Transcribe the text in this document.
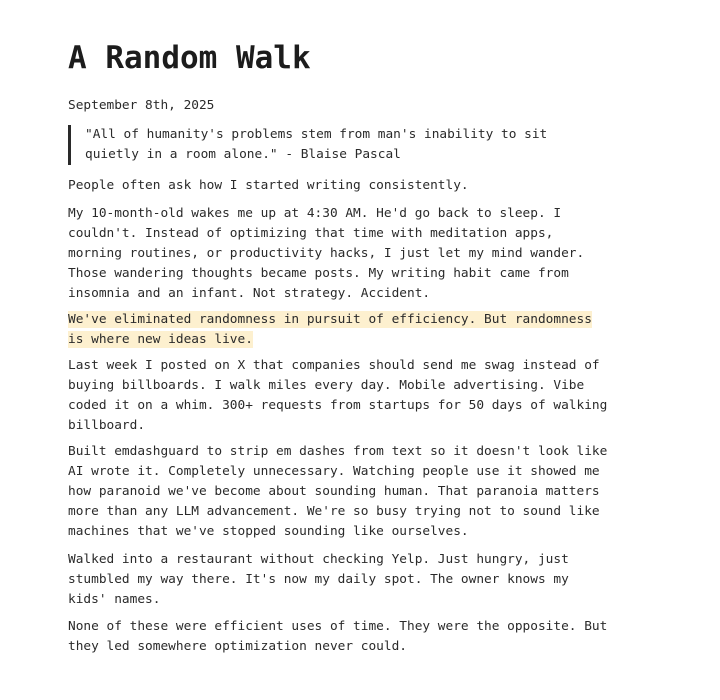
A Random Walk
September 8th, 2025
"All of humanity's problems stem from man's inability to sit
quietly in a room alone." - Blaise Pascal

People often ask how I started writing consistently.

My 10-month-old wakes me up at 4:30 AM. He'd go back to sleep. I
couldn't. Instead of optimizing that time with meditation apps,
morning routines, or productivity hacks, I just let my mind wander.
Those wandering thoughts became posts. My writing habit came from
insomnia and an infant. Not strategy. Accident.

We've eliminated randomness in pursuit of efficiency. But randomness
is where new ideas live.

Last week I posted on X that companies should send me swag instead of
buying billboards. I walk miles every day. Mobile advertising. Vibe
coded it on a whim. 300+ requests from startups for 50 days of walking
billboard.

Built emdashguard to strip em dashes from text so it doesn't look like
AI wrote it. Completely unnecessary. Watching people use it showed me
how paranoid we've become about sounding human. That paranoia matters
more than any LLM advancement. We're so busy trying not to sound like
machines that we've stopped sounding like ourselves.

Walked into a restaurant without checking Yelp. Just hungry, just
stumbled my way there. It's now my daily spot. The owner knows my
kids' names.

None of these were efficient uses of time. They were the opposite. But
they led somewhere optimization never could.
